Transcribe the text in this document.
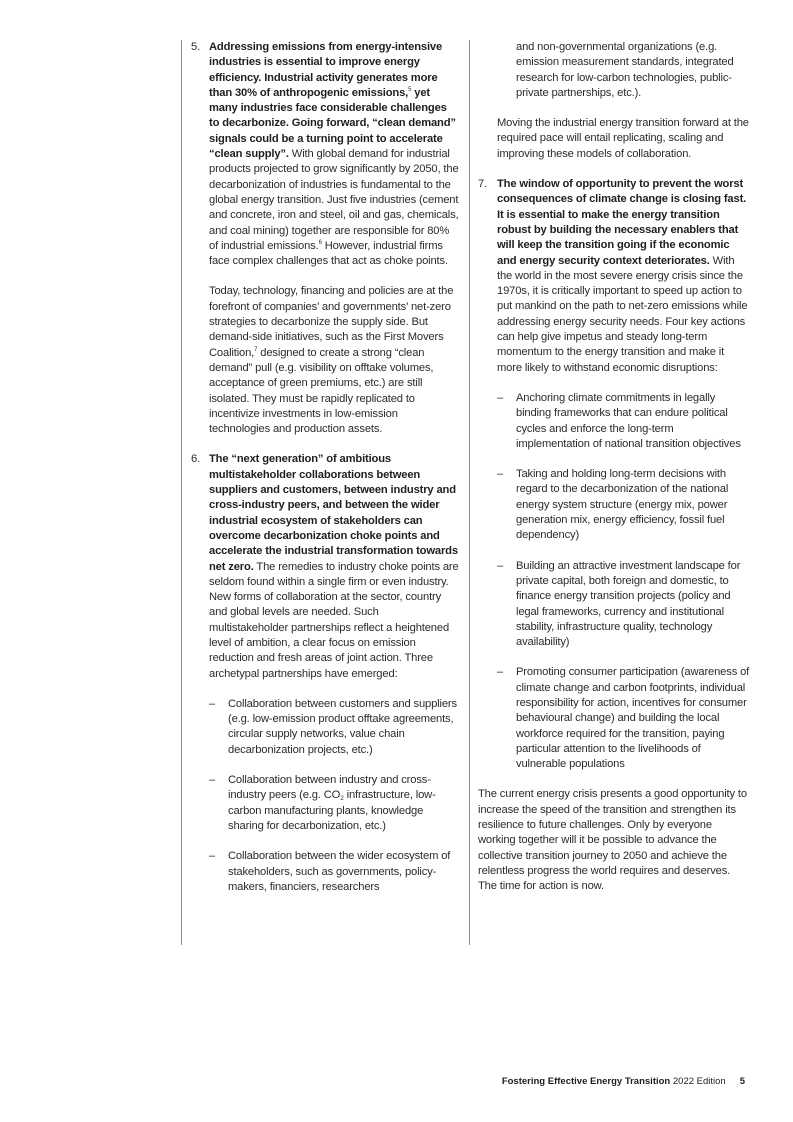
5. Addressing emissions from energy-intensive industries is essential to improve energy efficiency. Industrial activity generates more than 30% of anthropogenic emissions,$^5$ yet many industries face considerable challenges to decarbonize. Going forward, “clean demand” signals could be a turning point to accelerate “clean supply”. With global demand for industrial products projected to grow significantly by 2050, the decarbonization of industries is fundamental to the global energy transition. Just five industries (cement and concrete, iron and steel, oil and gas, chemicals, and coal mining) together are responsible for 80% of industrial emissions.$^6$ However, industrial firms face complex challenges that act as choke points.

Today, technology, financing and policies are at the forefront of companies’ and governments’ net-zero strategies to decarbonize the supply side. But demand-side initiatives, such as the First Movers Coalition,$^7$ designed to create a strong “clean demand” pull (e.g. visibility on offtake volumes, acceptance of green premiums, etc.) are still isolated. They must be rapidly replicated to incentivize investments in low-emission technologies and production assets.

6. The “next generation” of ambitious multistakeholder collaborations between suppliers and customers, between industry and cross-industry peers, and between the wider industrial ecosystem of stakeholders can overcome decarbonization choke points and accelerate the industrial transformation towards net zero. The remedies to industry choke points are seldom found within a single firm or even industry. New forms of collaboration at the sector, country and global levels are needed. Such multistakeholder partnerships reflect a heightened level of ambition, a clear focus on emission reduction and fresh areas of joint action. Three archetypal partnerships have emerged:

– Collaboration between customers and suppliers (e.g. low-emission product offtake agreements, circular supply networks, value chain decarbonization projects, etc.)

– Collaboration between industry and cross-industry peers (e.g. $CO_2$ infrastructure, low-carbon manufacturing plants, knowledge sharing for decarbonization, etc.)

– Collaboration between the wider ecosystem of stakeholders, such as governments, policy-makers, financiers, researchers

and non-governmental organizations (e.g. emission measurement standards, integrated research for low-carbon technologies, public-private partnerships, etc.).

Moving the industrial energy transition forward at the required pace will entail replicating, scaling and improving these models of collaboration.

7. The window of opportunity to prevent the worst consequences of climate change is closing fast. It is essential to make the energy transition robust by building the necessary enablers that will keep the transition going if the economic and energy security context deteriorates. With the world in the most severe energy crisis since the 1970s, it is critically important to speed up action to put mankind on the path to net-zero emissions while addressing energy security needs. Four key actions can help give impetus and steady long-term momentum to the energy transition and make it more likely to withstand economic disruptions:

– Anchoring climate commitments in legally binding frameworks that can endure political cycles and enforce the long-term implementation of national transition objectives

– Taking and holding long-term decisions with regard to the decarbonization of the national energy system structure (energy mix, power generation mix, energy efficiency, fossil fuel dependency)

– Building an attractive investment landscape for private capital, both foreign and domestic, to finance energy transition projects (policy and legal frameworks, currency and institutional stability, infrastructure quality, technology availability)

– Promoting consumer participation (awareness of climate change and carbon footprints, individual responsibility for action, incentives for consumer behavioural change) and building the local workforce required for the transition, paying particular attention to the livelihoods of vulnerable populations

The current energy crisis presents a good opportunity to increase the speed of the transition and strengthen its resilience to future challenges. Only by everyone working together will it be possible to advance the collective transition journey to 2050 and achieve the relentless progress the world requires and deserves. The time for action is now.

Fostering Effective Energy Transition 2022 Edition 5
